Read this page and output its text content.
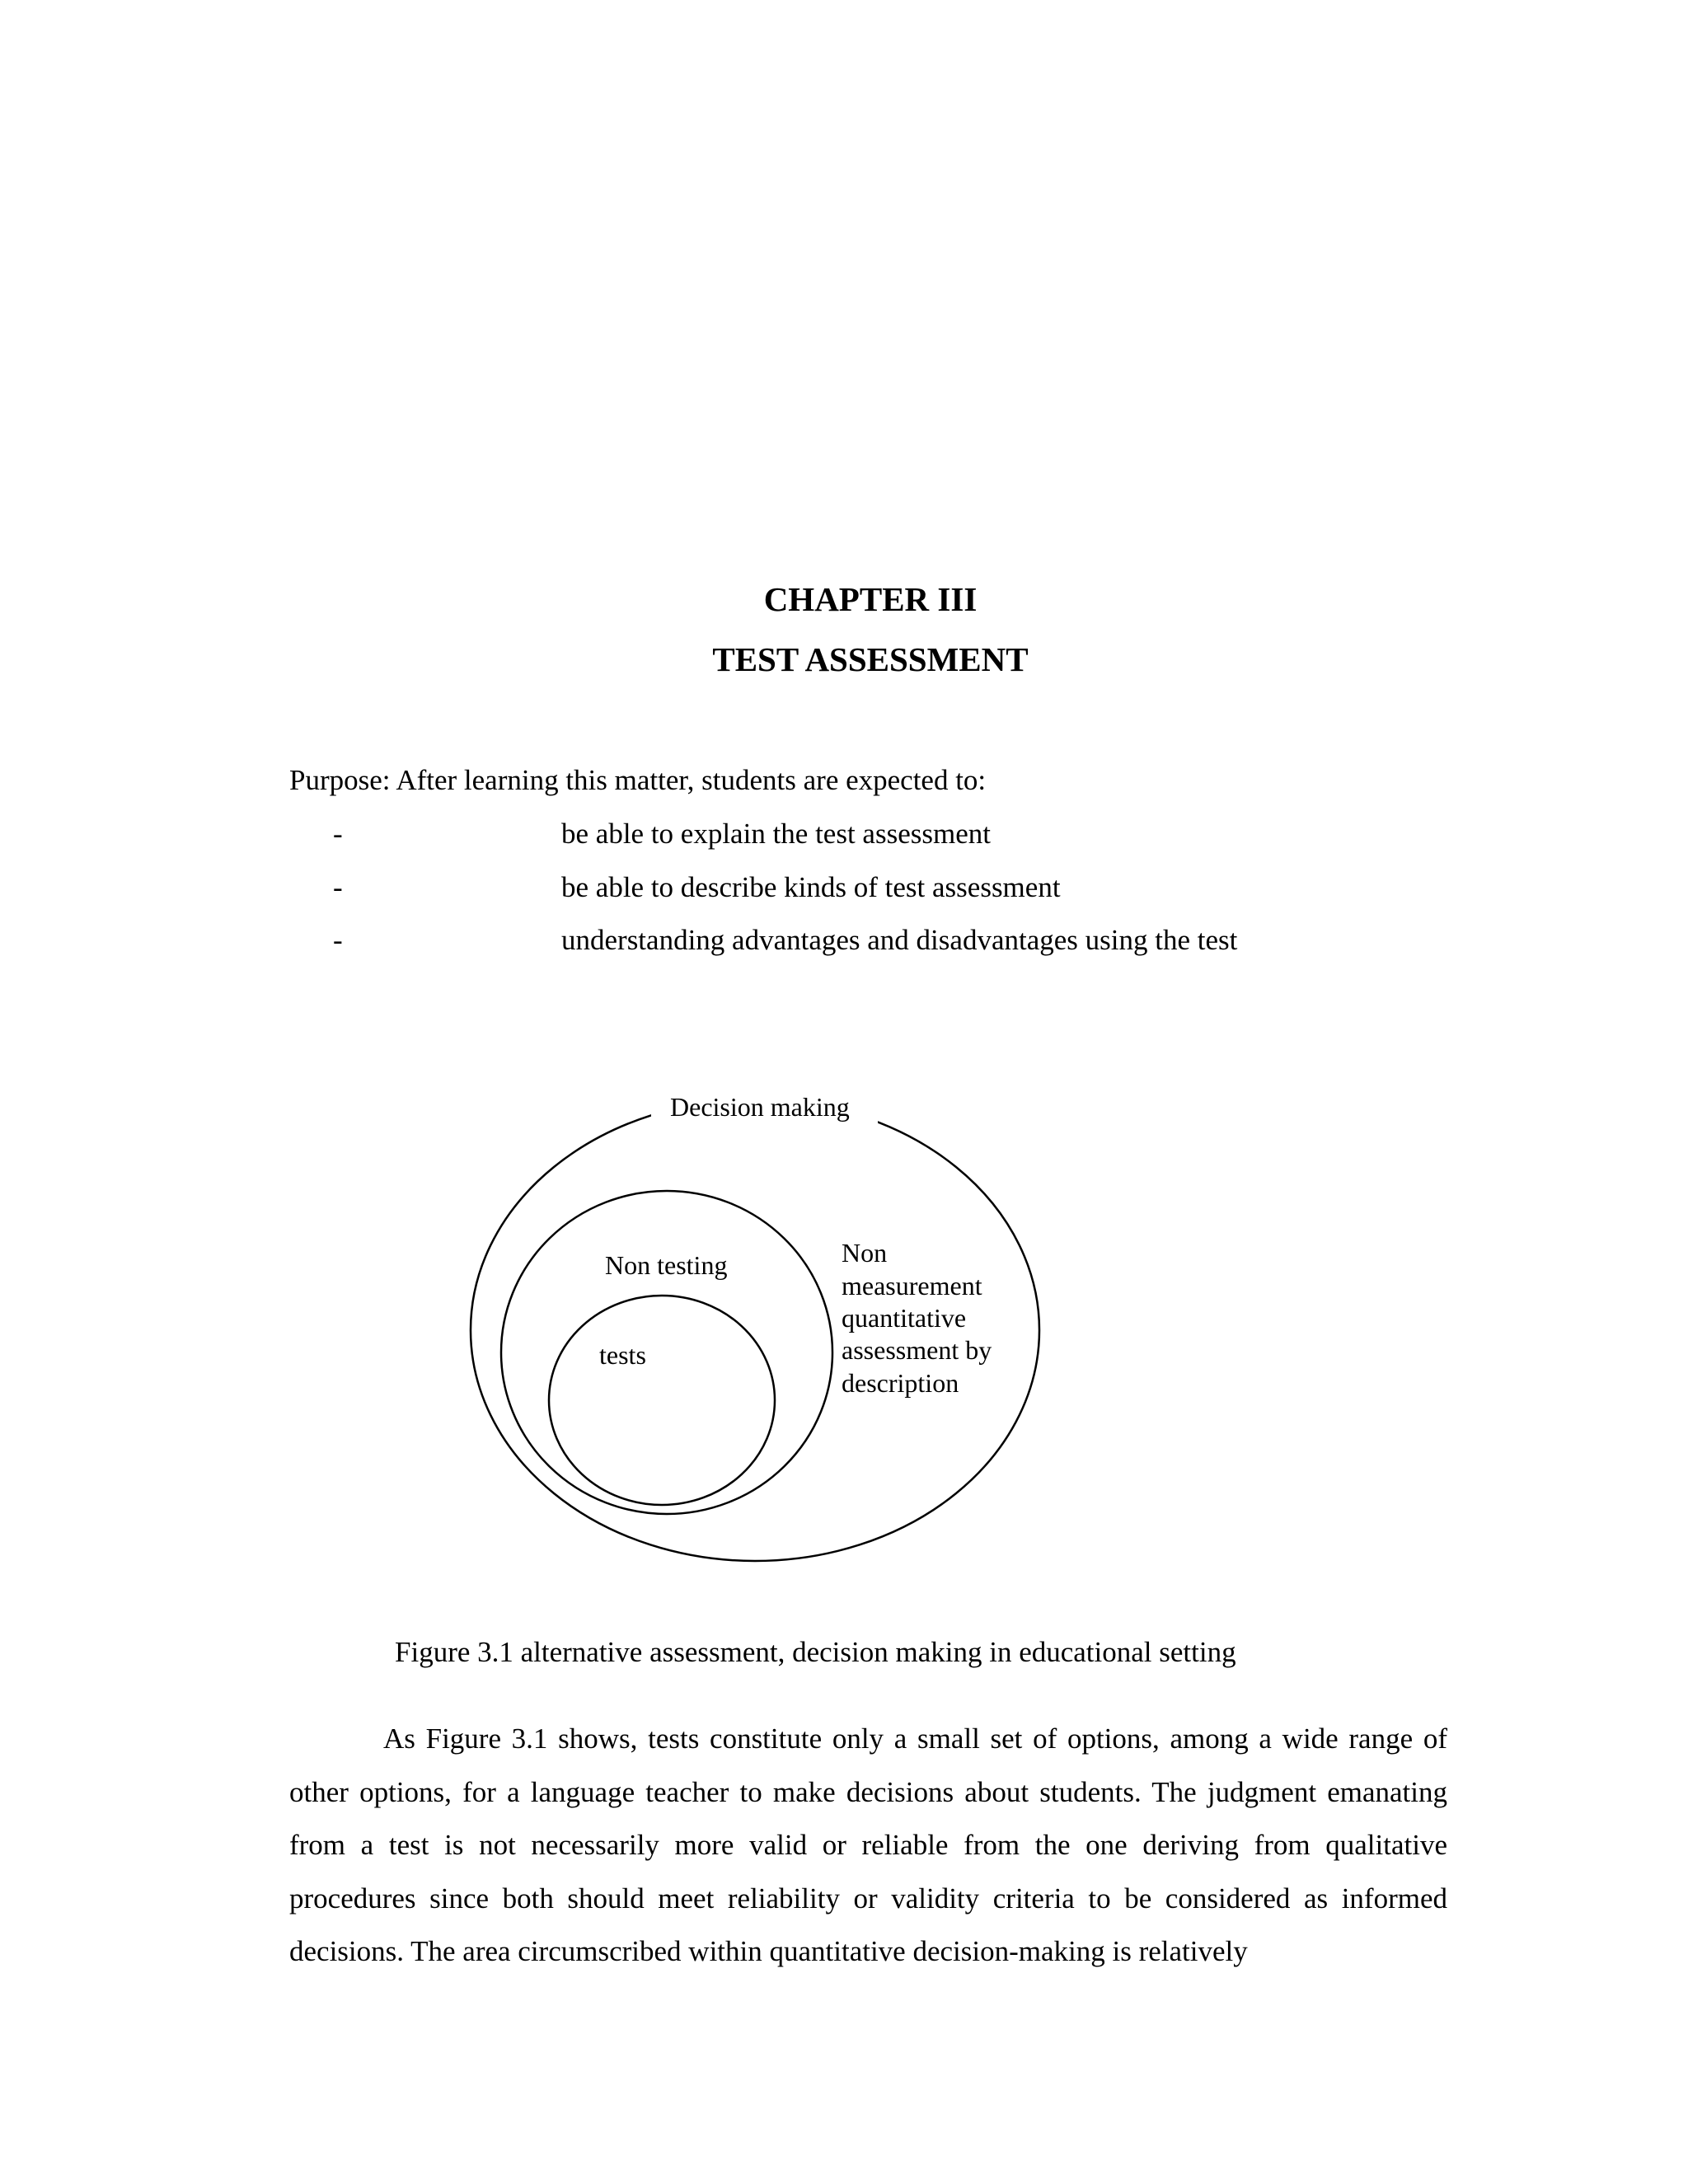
CHAPTER III
TEST ASSESSMENT
Purpose: After learning this matter, students are expected to:
-	be able to explain the test assessment
-	be able to describe kinds of test assessment
-	understanding advantages and disadvantages using the test
Decision making
Non testing
tests
Non
measurement
quantitative
assessment by
description
Figure 3.1 alternative assessment, decision making in educational setting
As Figure 3.1 shows, tests constitute only a small set of options, among a wide range of other options, for a language teacher to make decisions about students. The judgment emanating from a test is not necessarily more valid or reliable from the one deriving from qualitative procedures since both should meet reliability or validity criteria to be considered as informed decisions. The area circumscribed within quantitative decision-making is relatively
